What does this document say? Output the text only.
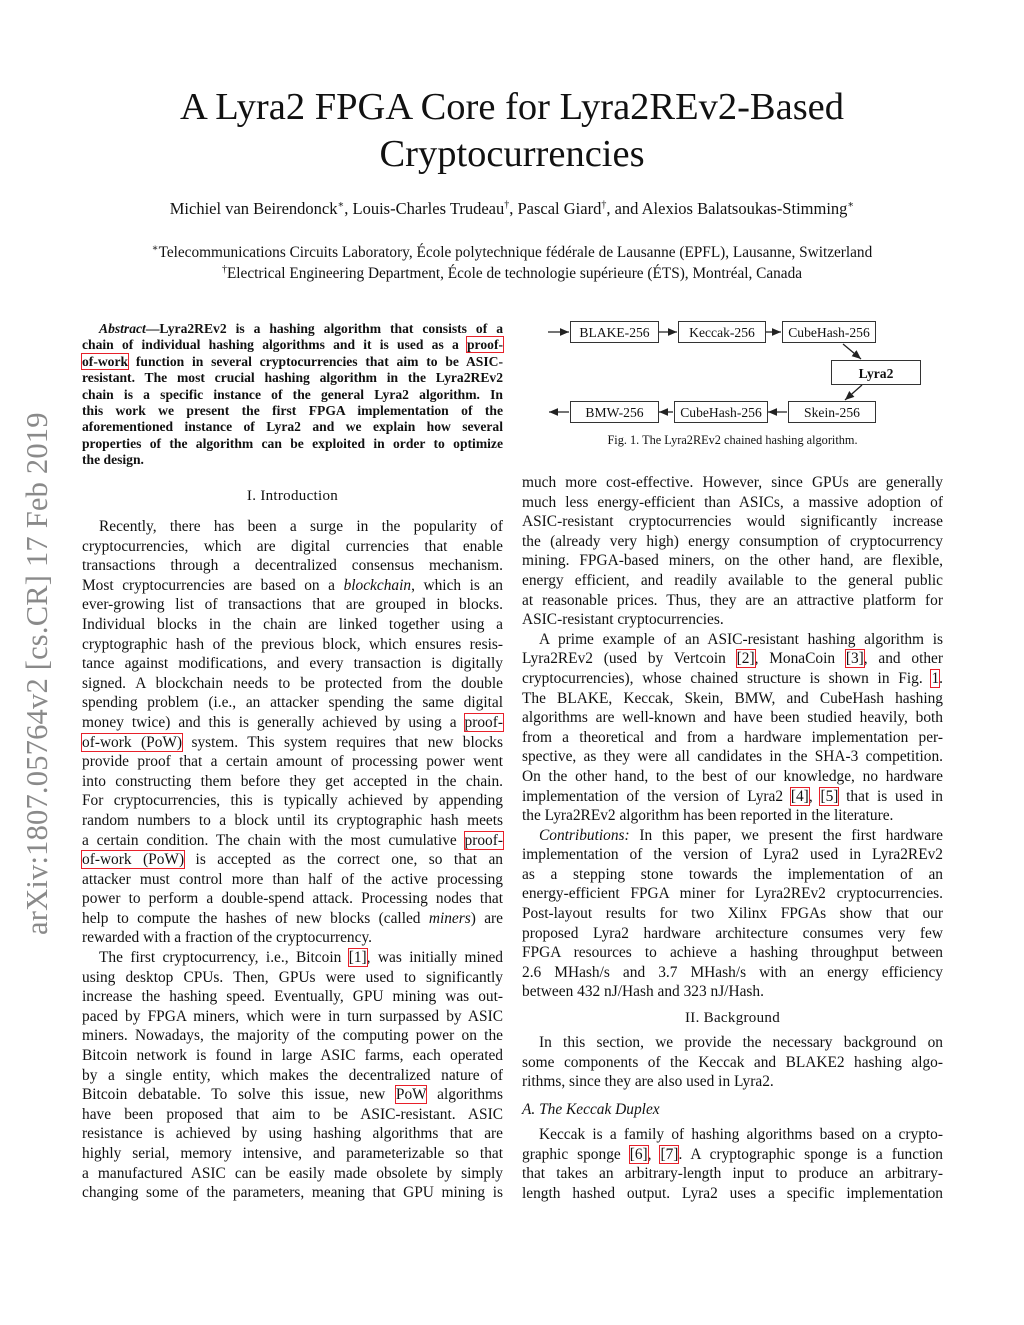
A Lyra2 FPGA Core for Lyra2REv2-Based
Cryptocurrencies
Michiel van Beirendonck∗, Louis-Charles Trudeau†, Pascal Giard†, and Alexios Balatsoukas-Stimming∗
∗Telecommunications Circuits Laboratory, École polytechnique fédérale de Lausanne (EPFL), Lausanne, Switzerland
†Electrical Engineering Department, École de technologie supérieure (ÉTS), Montréal, Canada
arXiv:1807.05764v2 [cs.CR] 17 Feb 2019
Abstract—Lyra2REv2 is a hashing algorithm that consists of a
chain of individual hashing algorithms and it is used as a proof-
of-work function in several cryptocurrencies that aim to be ASIC-
resistant. The most crucial hashing algorithm in the Lyra2REv2
chain is a specific instance of the general Lyra2 algorithm. In
this work we present the first FPGA implementation of the
aforementioned instance of Lyra2 and we explain how several
properties of the algorithm can be exploited in order to optimize
the design.
I. Introduction
Recently, there has been a surge in the popularity of
cryptocurrencies, which are digital currencies that enable
transactions through a decentralized consensus mechanism.
Most cryptocurrencies are based on a blockchain, which is an
ever-growing list of transactions that are grouped in blocks.
Individual blocks in the chain are linked together using a
cryptographic hash of the previous block, which ensures resis-
tance against modifications, and every transaction is digitally
signed. A blockchain needs to be protected from the double
spending problem (i.e., an attacker spending the same digital
money twice) and this is generally achieved by using a proof-
of-work (PoW) system. This system requires that new blocks
provide proof that a certain amount of processing power went
into constructing them before they get accepted in the chain.
For cryptocurrencies, this is typically achieved by appending
random numbers to a block until its cryptographic hash meets
a certain condition. The chain with the most cumulative proof-
of-work (PoW) is accepted as the correct one, so that an
attacker must control more than half of the active processing
power to perform a double-spend attack. Processing nodes that
help to compute the hashes of new blocks (called miners) are
rewarded with a fraction of the cryptocurrency.
The first cryptocurrency, i.e., Bitcoin [1], was initially mined
using desktop CPUs. Then, GPUs were used to significantly
increase the hashing speed. Eventually, GPU mining was out-
paced by FPGA miners, which were in turn surpassed by ASIC
miners. Nowadays, the majority of the computing power on the
Bitcoin network is found in large ASIC farms, each operated
by a single entity, which makes the decentralized nature of
Bitcoin debatable. To solve this issue, new PoW algorithms
have been proposed that aim to be ASIC-resistant. ASIC
resistance is achieved by using hashing algorithms that are
highly serial, memory intensive, and parameterizable so that
a manufactured ASIC can be easily made obsolete by simply
changing some of the parameters, meaning that GPU mining is
BLAKE-256	Keccak-256	CubeHash-256
Lyra2
Skein-256
CubeHash-256
BMW-256
Fig. 1. The Lyra2REv2 chained hashing algorithm.
much more cost-effective. However, since GPUs are generally
much less energy-efficient than ASICs, a massive adoption of
ASIC-resistant cryptocurrencies would significantly increase
the (already very high) energy consumption of cryptocurrency
mining. FPGA-based miners, on the other hand, are flexible,
energy efficient, and readily available to the general public
at reasonable prices. Thus, they are an attractive platform for
ASIC-resistant cryptocurrencies.
A prime example of an ASIC-resistant hashing algorithm is
Lyra2REv2 (used by Vertcoin [2], MonaCoin [3], and other
cryptocurrencies), whose chained structure is shown in Fig. 1.
The BLAKE, Keccak, Skein, BMW, and CubeHash hashing
algorithms are well-known and have been studied heavily, both
from a theoretical and from a hardware implementation per-
spective, as they were all candidates in the SHA-3 competition.
On the other hand, to the best of our knowledge, no hardware
implementation of the version of Lyra2 [4], [5] that is used in
the Lyra2REv2 algorithm has been reported in the literature.
Contributions: In this paper, we present the first hardware
implementation of the version of Lyra2 used in Lyra2REv2
as a stepping stone towards the implementation of an
energy-efficient FPGA miner for Lyra2REv2 cryptocurrencies.
Post-layout results for two Xilinx FPGAs show that our
proposed Lyra2 hardware architecture consumes very few
FPGA resources to achieve a hashing throughput between
2.6 MHash/s and 3.7 MHash/s with an energy efficiency
between 432 nJ/Hash and 323 nJ/Hash.
II. Background
In this section, we provide the necessary background on
some components of the Keccak and BLAKE2 hashing algo-
rithms, since they are also used in Lyra2.
A. The Keccak Duplex
Keccak is a family of hashing algorithms based on a crypto-
graphic sponge [6], [7]. A cryptographic sponge is a function
that takes an arbitrary-length input to produce an arbitrary-
length hashed output. Lyra2 uses a specific implementation
